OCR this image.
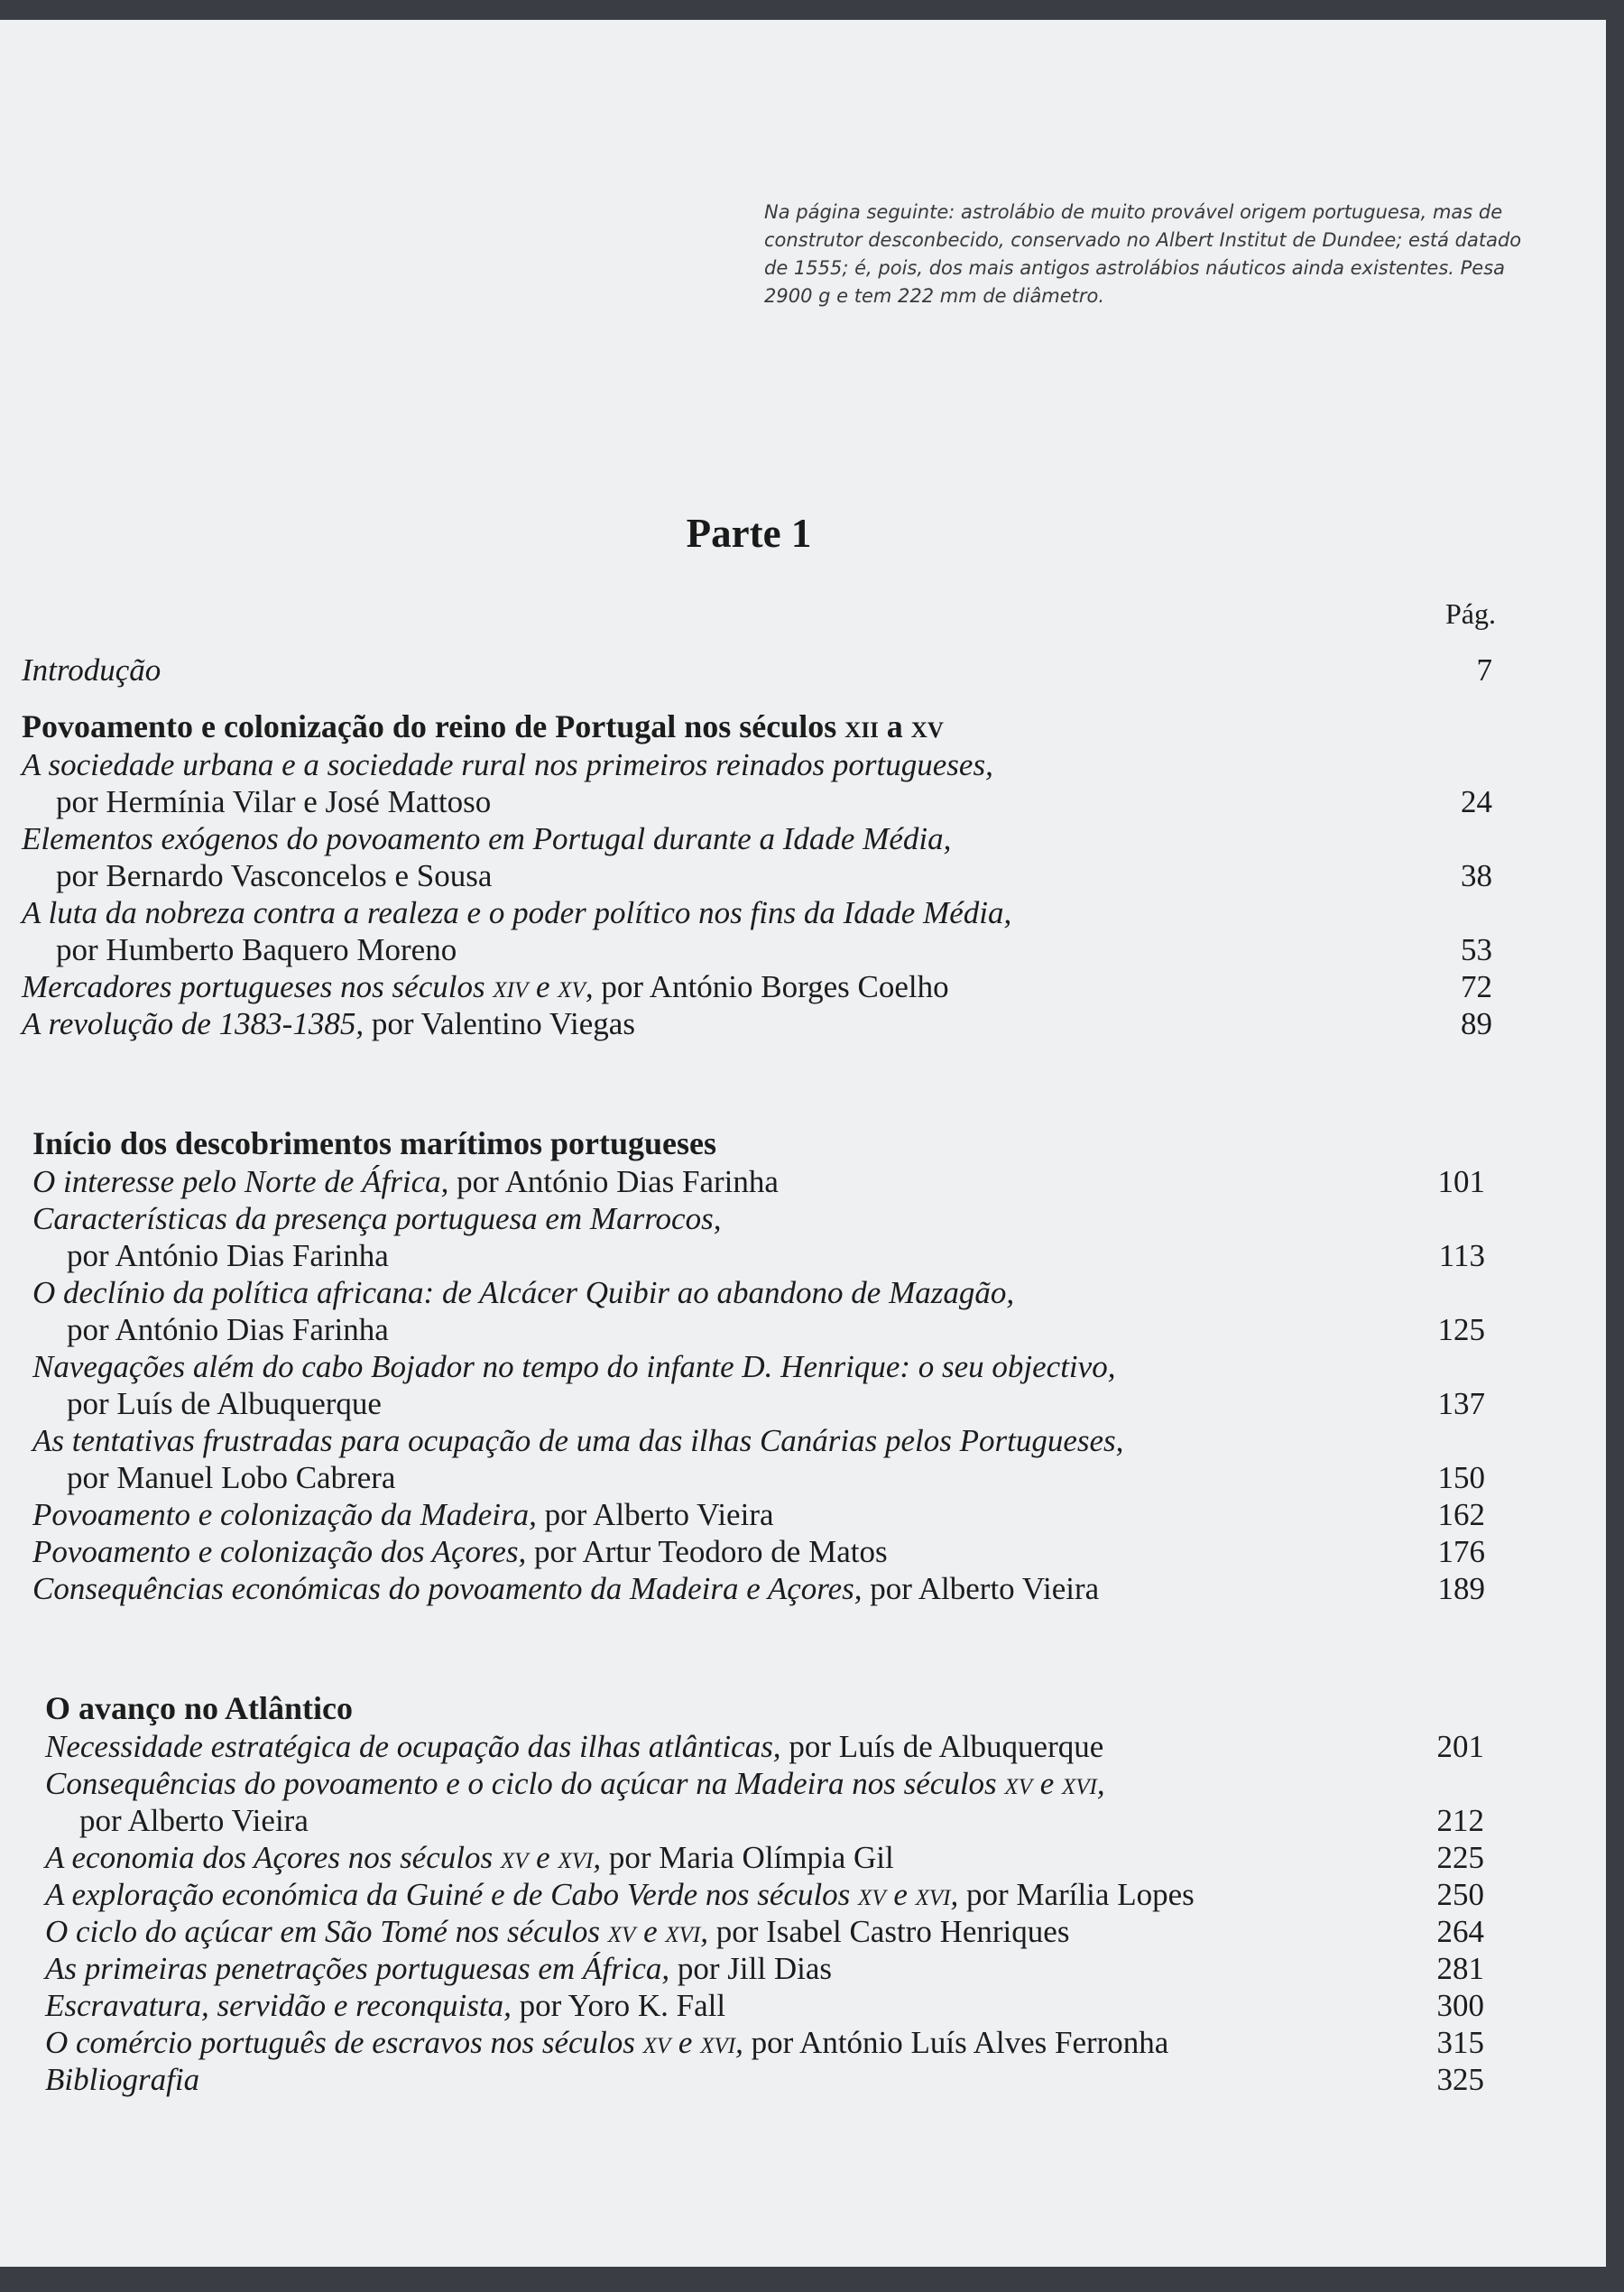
Na página seguinte: astrolábio de muito provável origem portuguesa, mas de construtor desconbecido, conservado no Albert Institut de Dundee; está datado de 1555; é, pois, dos mais antigos astrolábios náuticos ainda existentes. Pesa 2900 g e tem 222 mm de diâmetro.
Parte 1
Pág.
Introdução	7
Povoamento e colonização do reino de Portugal nos séculos xii a xv
A sociedade urbana e a sociedade rural nos primeiros reinados portugueses,
por Hermínia Vilar e José Mattoso	24
Elementos exógenos do povoamento em Portugal durante a Idade Média,
por Bernardo Vasconcelos e Sousa	38
A luta da nobreza contra a realeza e o poder político nos fins da Idade Média,
por Humberto Baquero Moreno	53
Mercadores portugueses nos séculos xiv e xv, por António Borges Coelho	72
A revolução de 1383-1385, por Valentino Viegas	89
Início dos descobrimentos marítimos portugueses
O interesse pelo Norte de África, por António Dias Farinha	101
Características da presença portuguesa em Marrocos,
por António Dias Farinha	113
O declínio da política africana: de Alcácer Quibir ao abandono de Mazagão,
por António Dias Farinha	125
Navegações além do cabo Bojador no tempo do infante D. Henrique: o seu objectivo,
por Luís de Albuquerque	137
As tentativas frustradas para ocupação de uma das ilhas Canárias pelos Portugueses,
por Manuel Lobo Cabrera	150
Povoamento e colonização da Madeira, por Alberto Vieira	162
Povoamento e colonização dos Açores, por Artur Teodoro de Matos	176
Consequências económicas do povoamento da Madeira e Açores, por Alberto Vieira	189
O avanço no Atlântico
Necessidade estratégica de ocupação das ilhas atlânticas, por Luís de Albuquerque	201
Consequências do povoamento e o ciclo do açúcar na Madeira nos séculos xv e xvi,
por Alberto Vieira	212
A economia dos Açores nos séculos xv e xvi, por Maria Olímpia Gil	225
A exploração económica da Guiné e de Cabo Verde nos séculos xv e xvi, por Marília Lopes	250
O ciclo do açúcar em São Tomé nos séculos xv e xvi, por Isabel Castro Henriques	264
As primeiras penetrações portuguesas em África, por Jill Dias	281
Escravatura, servidão e reconquista, por Yoro K. Fall	300
O comércio português de escravos nos séculos xv e xvi, por António Luís Alves Ferronha	315
Bibliografia	325
